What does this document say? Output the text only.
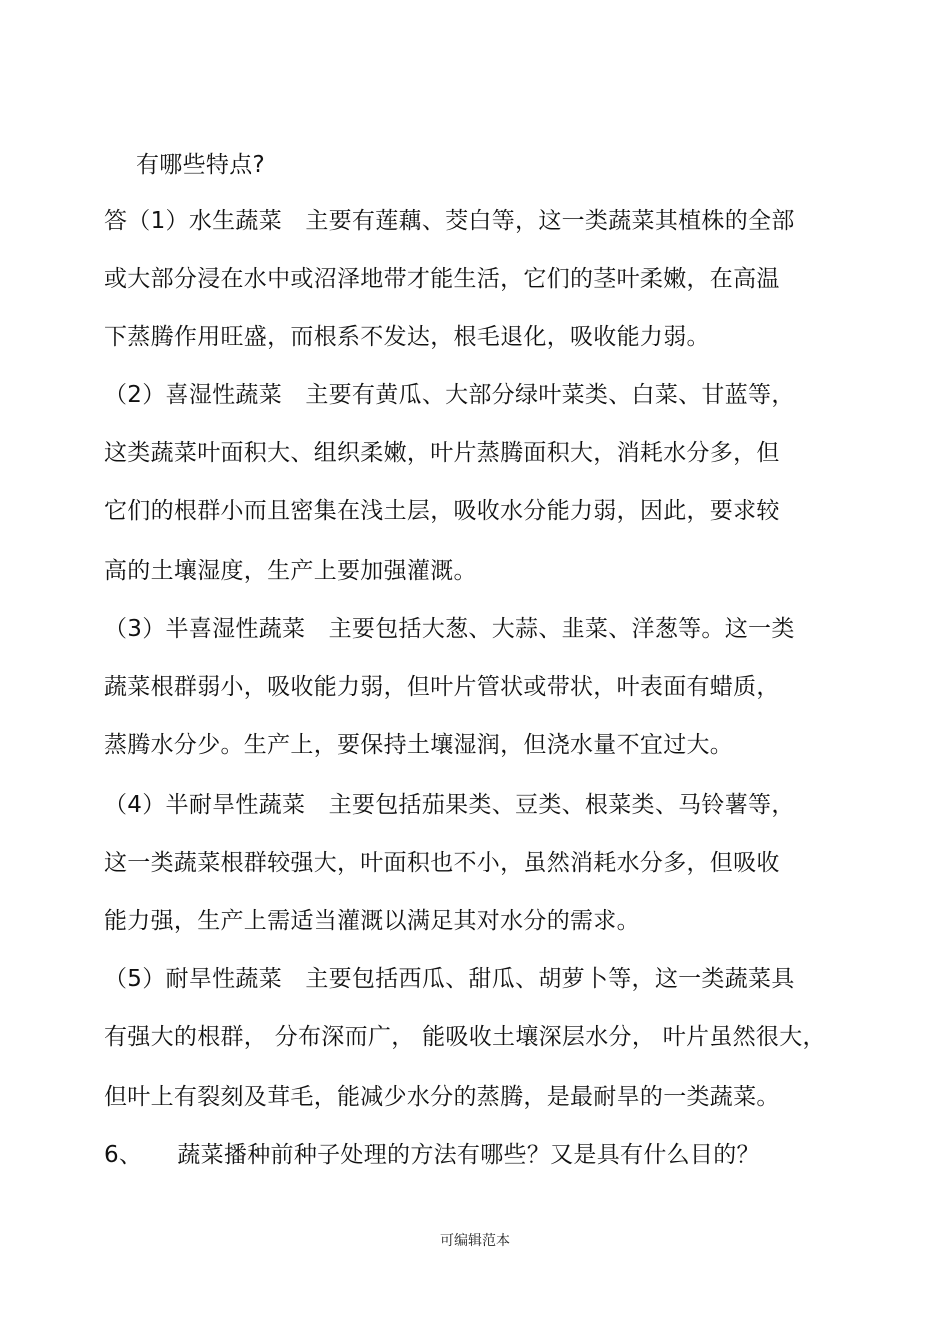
有哪些特点?
答（1）水生蔬菜　主要有莲藕、茭白等，这一类蔬菜其植株的全部
或大部分浸在水中或沼泽地带才能生活，它们的茎叶柔嫩，在高温
下蒸腾作用旺盛，而根系不发达，根毛退化，吸收能力弱。
（2）喜湿性蔬菜　主要有黄瓜、大部分绿叶菜类、白菜、甘蓝等，
这类蔬菜叶面积大、组织柔嫩，叶片蒸腾面积大，消耗水分多，但
它们的根群小而且密集在浅土层，吸收水分能力弱，因此，要求较
高的土壤湿度，生产上要加强灌溉。
（3）半喜湿性蔬菜　主要包括大葱、大蒜、韭菜、洋葱等。这一类
蔬菜根群弱小，吸收能力弱，但叶片管状或带状，叶表面有蜡质，
蒸腾水分少。生产上，要保持土壤湿润，但浇水量不宜过大。
（4）半耐旱性蔬菜　主要包括茄果类、豆类、根菜类、马铃薯等，
这一类蔬菜根群较强大，叶面积也不小，虽然消耗水分多，但吸收
能力强，生产上需适当灌溉以满足其对水分的需求。
（5）耐旱性蔬菜　主要包括西瓜、甜瓜、胡萝卜等，这一类蔬菜具
有强大的根群， 分布深而广， 能吸收土壤深层水分， 叶片虽然很大，
但叶上有裂刻及茸毛，能减少水分的蒸腾，是最耐旱的一类蔬菜。
6、　　蔬菜播种前种子处理的方法有哪些？又是具有什么目的？
可编辑范本
